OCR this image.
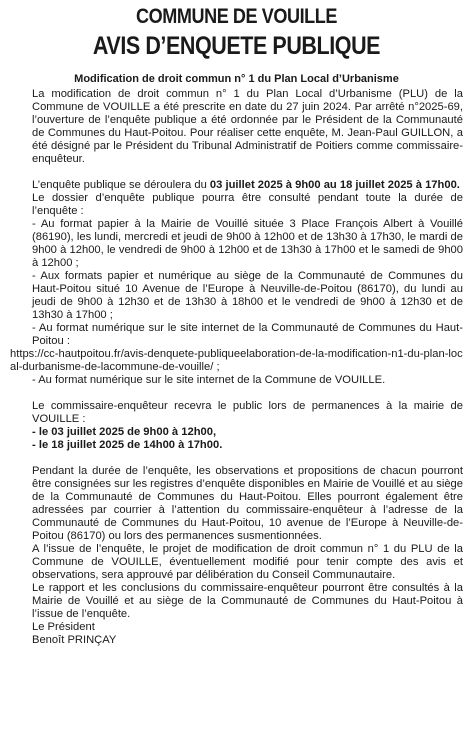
COMMUNE DE VOUILLE
AVIS D’ENQUETE PUBLIQUE
Modification de droit commun n° 1 du Plan Local d’Urbanisme
La modification de droit commun n° 1 du Plan Local d’Urbanisme (PLU) de la Commune de VOUILLE a été prescrite en date du 27 juin 2024. Par arrêté n°2025-69, l’ouverture de l’enquête publique a été ordonnée par le Président de la Communauté de Communes du Haut-Poitou. Pour réaliser cette enquête, M. Jean-Paul GUILLON, a été désigné par le Président du Tribunal Administratif de Poitiers comme commissaire-enquêteur.
L’enquête publique se déroulera du 03 juillet 2025 à 9h00 au 18 juillet 2025 à 17h00.
Le dossier d’enquête publique pourra être consulté pendant toute la durée de l’enquête :
- Au format papier à la Mairie de Vouillé située 3 Place François Albert à Vouillé (86190), les lundi, mercredi et jeudi de 9h00 à 12h00 et de 13h30 à 17h30, le mardi de 9h00 à 12h00, le vendredi de 9h00 à 12h00 et de 13h30 à 17h00 et le samedi de 9h00 à 12h00 ;
- Aux formats papier et numérique au siège de la Communauté de Communes du Haut-Poitou situé 10 Avenue de l’Europe à Neuville-de-Poitou (86170), du lundi au jeudi de 9h00 à 12h30 et de 13h30 à 18h00 et le vendredi de 9h00 à 12h30 et de 13h30 à 17h00 ;
- Au format numérique sur le site internet de la Communauté de Communes du Haut-Poitou :
https://cc-hautpoitou.fr/avis-denquete-publiqueelaboration-de-la-modification-n1-du-plan-local-durbanisme-de-lacommune-de-vouille/ ;
- Au format numérique sur le site internet de la Commune de VOUILLE.
Le commissaire-enquêteur recevra le public lors de permanences à la mairie de VOUILLE :
- le 03 juillet 2025 de 9h00 à 12h00,
- le 18 juillet 2025 de 14h00 à 17h00.
Pendant la durée de l’enquête, les observations et propositions de chacun pourront être consignées sur les registres d’enquête disponibles en Mairie de Vouillé et au siège de la Communauté de Communes du Haut-Poitou. Elles pourront également être adressées par courrier à l’attention du commissaire-enquêteur à l’adresse de la Communauté de Communes du Haut-Poitou, 10 avenue de l’Europe à Neuville-de-Poitou (86170) ou lors des permanences susmentionnées.
A l’issue de l’enquête, le projet de modification de droit commun n° 1 du PLU de la Commune de VOUILLE, éventuellement modifié pour tenir compte des avis et observations, sera approuvé par délibération du Conseil Communautaire.
Le rapport et les conclusions du commissaire-enquêteur pourront être consultés à la Mairie de Vouillé et au siège de la Communauté de Communes du Haut-Poitou à l’issue de l’enquête.
Le Président
Benoît PRINÇAY
